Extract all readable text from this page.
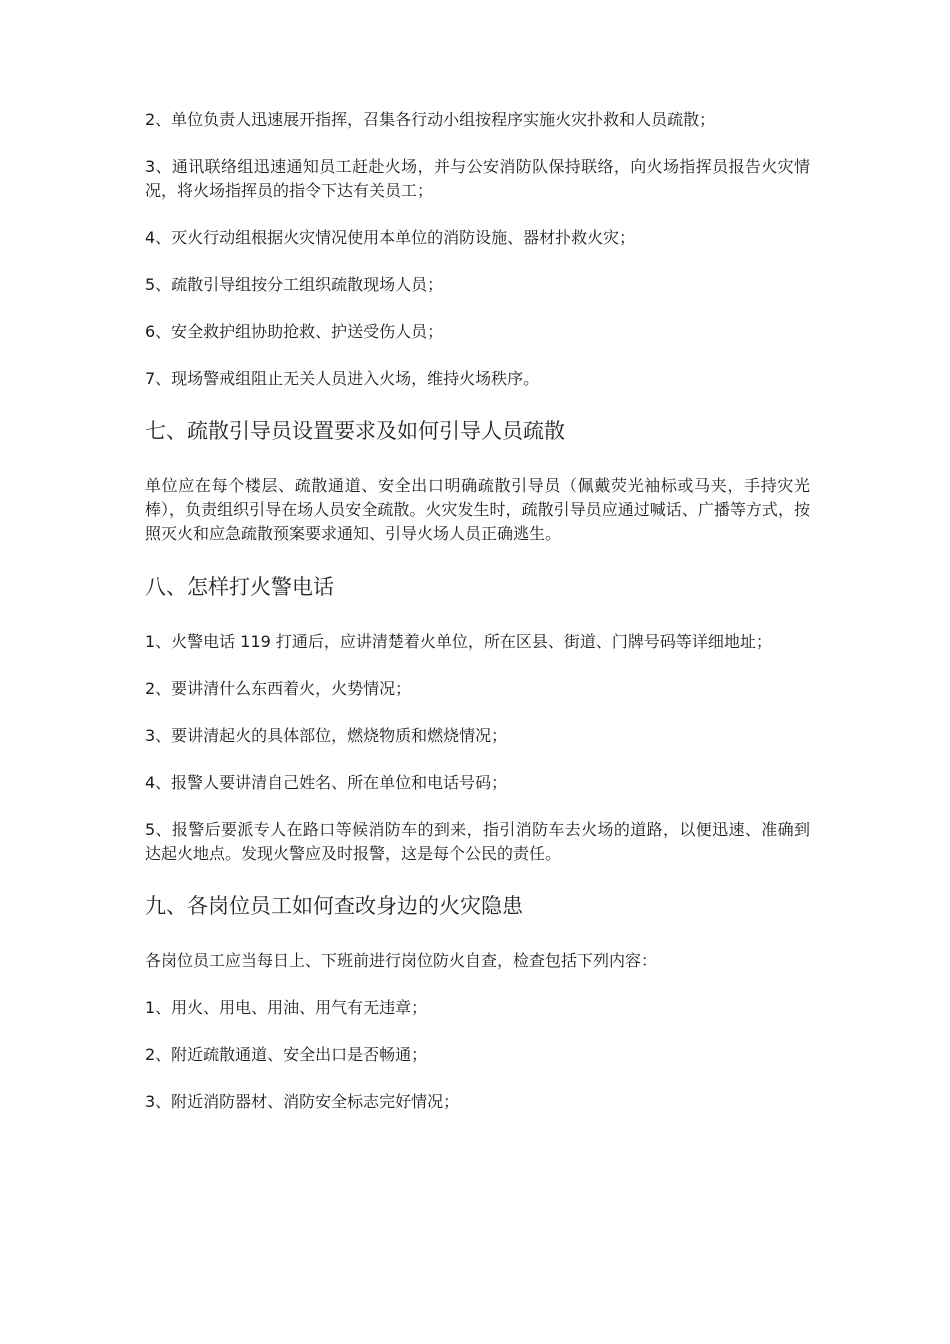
2、单位负责人迅速展开指挥，召集各行动小组按程序实施火灾扑救和人员疏散；

3、通讯联络组迅速通知员工赶赴火场，并与公安消防队保持联络，向火场指挥员报告火灾情况，将火场指挥员的指令下达有关员工；

4、灭火行动组根据火灾情况使用本单位的消防设施、器材扑救火灾；

5、疏散引导组按分工组织疏散现场人员；

6、安全救护组协助抢救、护送受伤人员；

7、现场警戒组阻止无关人员进入火场，维持火场秩序。

七、疏散引导员设置要求及如何引导人员疏散

单位应在每个楼层、疏散通道、安全出口明确疏散引导员（佩戴荧光袖标或马夹，手持灾光棒），负责组织引导在场人员安全疏散。火灾发生时，疏散引导员应通过喊话、广播等方式，按照灭火和应急疏散预案要求通知、引导火场人员正确逃生。

八、怎样打火警电话

1、火警电话 119 打通后，应讲清楚着火单位，所在区县、街道、门牌号码等详细地址；

2、要讲清什么东西着火，火势情况；

3、要讲清起火的具体部位，燃烧物质和燃烧情况；

4、报警人要讲清自己姓名、所在单位和电话号码；

5、报警后要派专人在路口等候消防车的到来，指引消防车去火场的道路，以便迅速、准确到达起火地点。发现火警应及时报警，这是每个公民的责任。

九、各岗位员工如何查改身边的火灾隐患

各岗位员工应当每日上、下班前进行岗位防火自查，检查包括下列内容：

1、用火、用电、用油、用气有无违章；

2、附近疏散通道、安全出口是否畅通；

3、附近消防器材、消防安全标志完好情况；
